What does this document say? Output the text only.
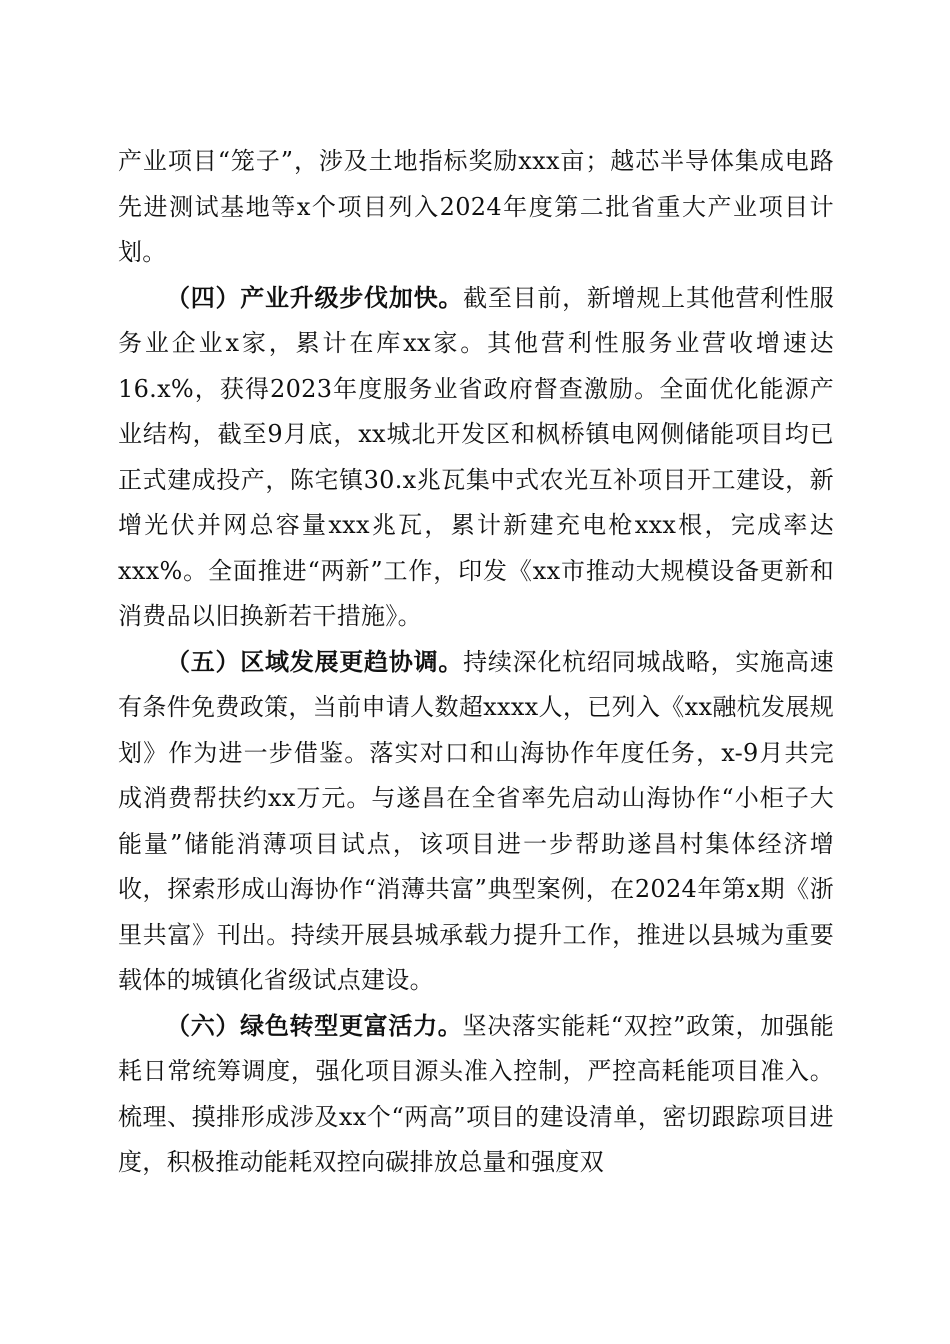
产业项目“笼子”，涉及土地指标奖励xxx亩；越芯半导体集成电路先进测试基地等x个项目列入2024年度第二批省重大产业项目计划。

（四）产业升级步伐加快。截至目前，新增规上其他营利性服务业企业x家，累计在库xx家。其他营利性服务业营收增速达16.x%，获得2023年度服务业省政府督查激励。全面优化能源产业结构，截至9月底，xx城北开发区和枫桥镇电网侧储能项目均已正式建成投产，陈宅镇30.x兆瓦集中式农光互补项目开工建设，新增光伏并网总容量xxx兆瓦，累计新建充电枪xxx根，完成率达xxx%。全面推进“两新”工作，印发《xx市推动大规模设备更新和消费品以旧换新若干措施》。

（五）区域发展更趋协调。持续深化杭绍同城战略，实施高速有条件免费政策，当前申请人数超xxxx人，已列入《xx融杭发展规划》作为进一步借鉴。落实对口和山海协作年度任务，x-9月共完成消费帮扶约xx万元。与遂昌在全省率先启动山海协作“小柜子大能量”储能消薄项目试点，该项目进一步帮助遂昌村集体经济增收，探索形成山海协作“消薄共富”典型案例，在2024年第x期《浙里共富》刊出。持续开展县城承载力提升工作，推进以县城为重要载体的城镇化省级试点建设。

（六）绿色转型更富活力。坚决落实能耗“双控”政策，加强能耗日常统筹调度，强化项目源头准入控制，严控高耗能项目准入。梳理、摸排形成涉及xx个“两高”项目的建设清单，密切跟踪项目进度，积极推动能耗双控向碳排放总量和强度双
